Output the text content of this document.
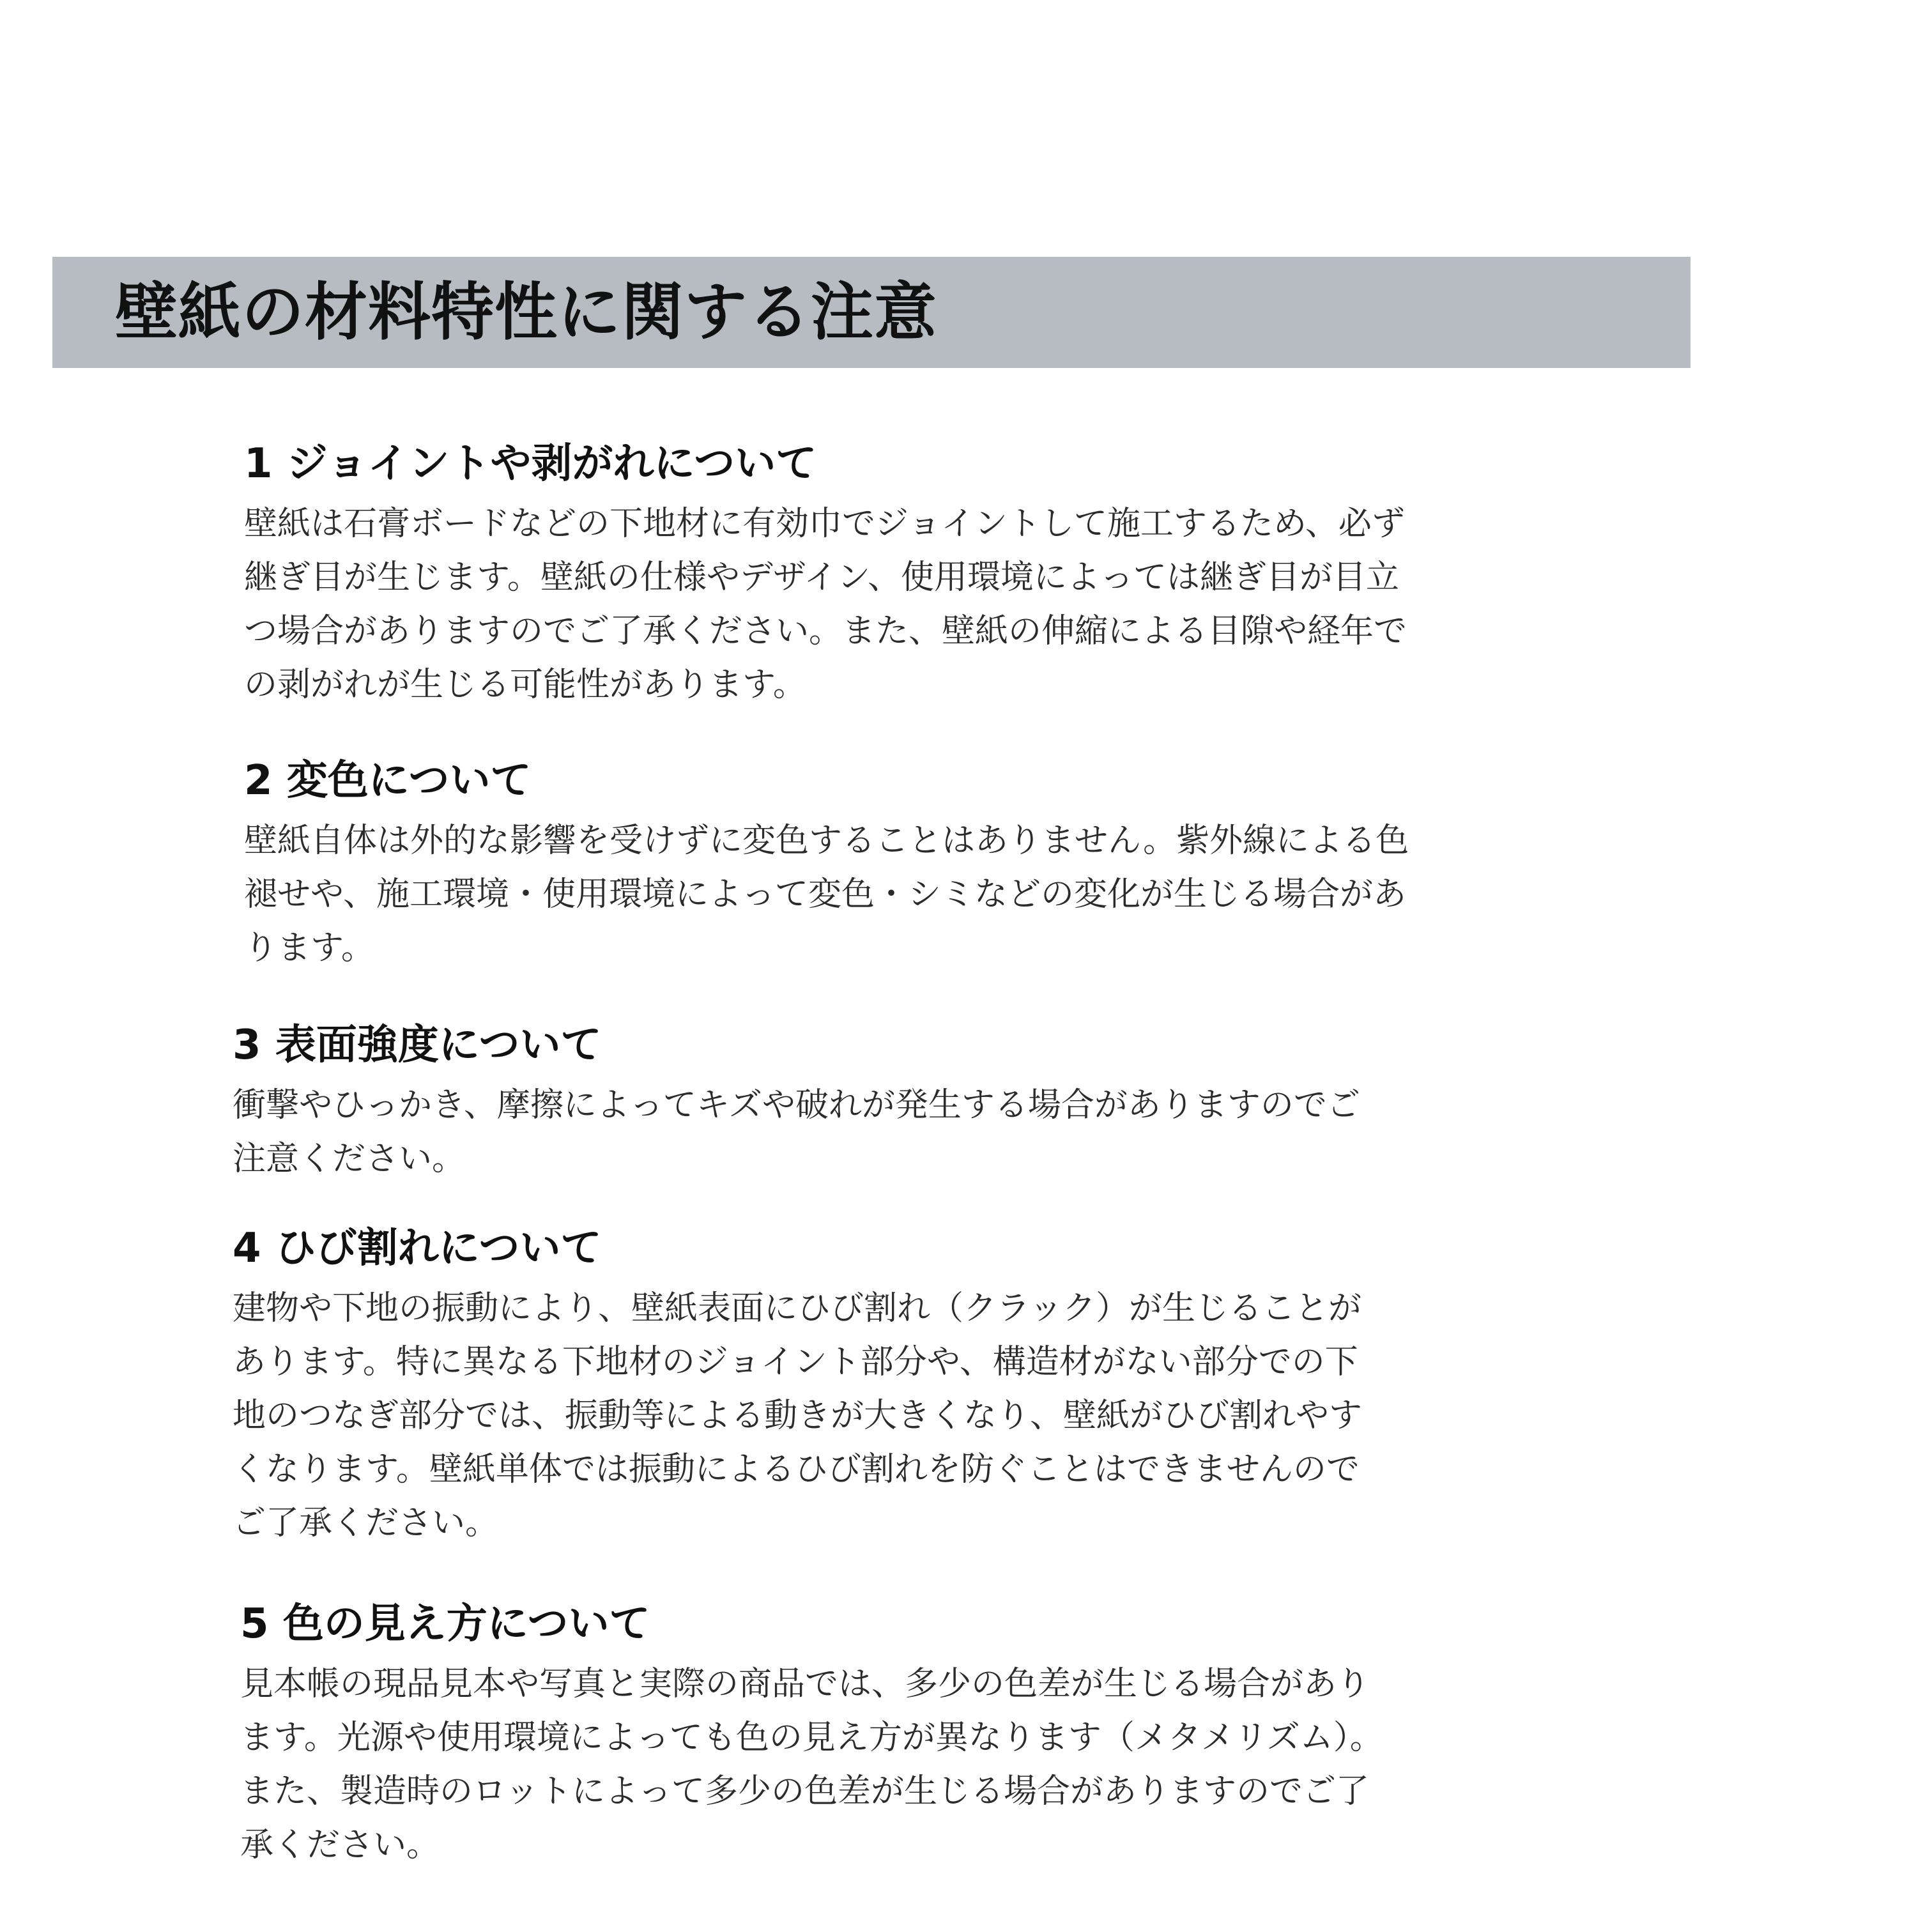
壁紙の材料特性に関する注意
1 ジョイントや剥がれについて

壁紙は石膏ボードなどの下地材に有効巾でジョイントして施工するため、必ず継ぎ目が生じます。壁紙の仕様やデザイン、使用環境によっては継ぎ目が目立つ場合がありますのでご了承ください。また、壁紙の伸縮による目隙や経年での剥がれが生じる可能性があります。

2 変色について

壁紙自体は外的な影響を受けずに変色することはありません。紫外線による色褪せや、施工環境・使用環境によって変色・シミなどの変化が生じる場合があります。

3 表面強度について

衝撃やひっかき、摩擦によってキズや破れが発生する場合がありますのでご注意ください。

4 ひび割れについて

建物や下地の振動により、壁紙表面にひび割れ（クラック）が生じることがあります。特に異なる下地材のジョイント部分や、構造材がない部分での下地のつなぎ部分では、振動等による動きが大きくなり、壁紙がひび割れやすくなります。壁紙単体では振動によるひび割れを防ぐことはできませんのでご了承ください。

5 色の見え方について

見本帳の現品見本や写真と実際の商品では、多少の色差が生じる場合があります。光源や使用環境によっても色の見え方が異なります（メタメリズム）。また、製造時のロットによって多少の色差が生じる場合がありますのでご了承ください。
